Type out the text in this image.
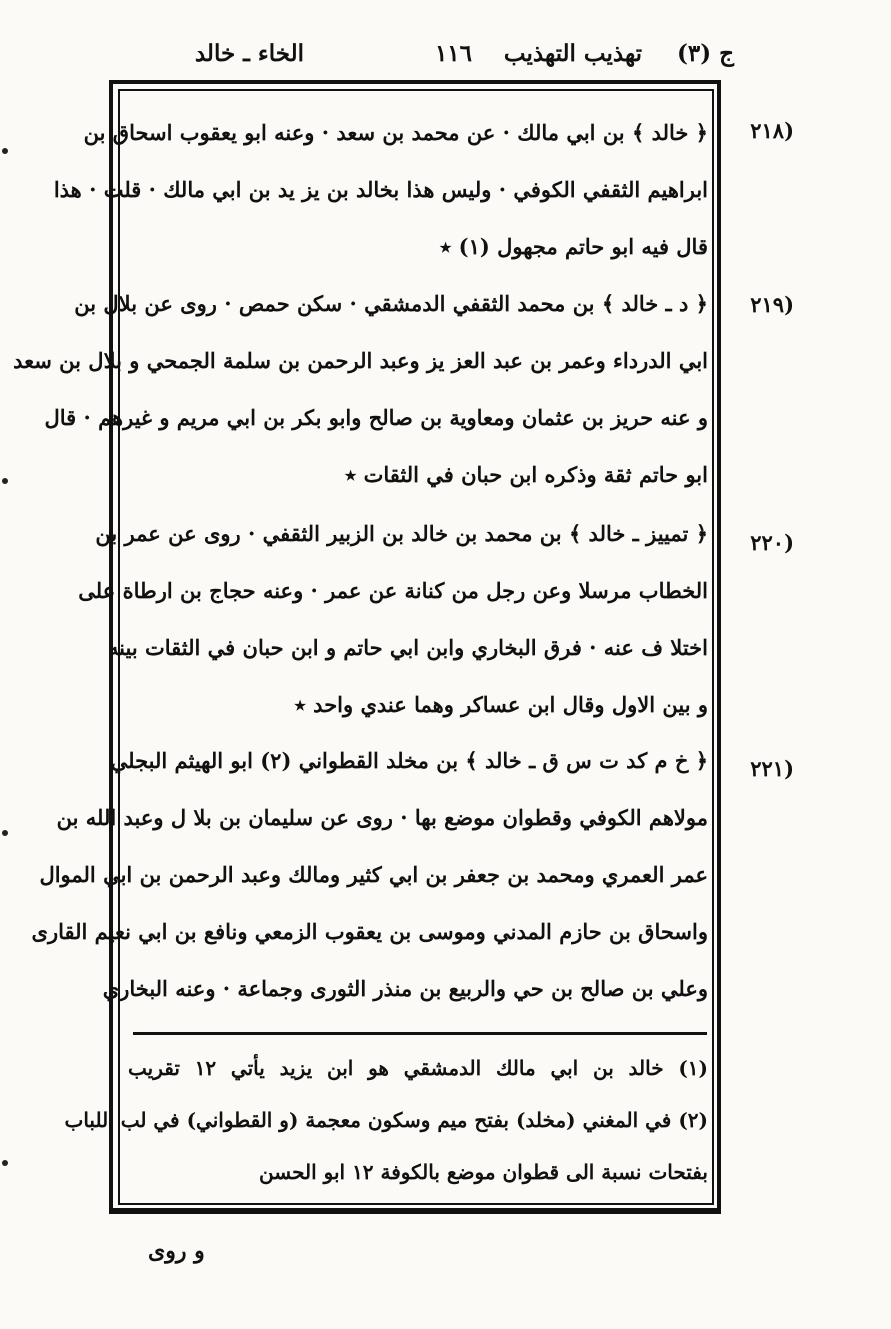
ج (٣)
تهذيب التهذيب
١١٦
الخاء ـ خالد
(٢١٨
﴿ خالد ﴾ بن ابي مالك · عن محمد بن سعد · وعنه ابو يعقوب اسحاق بن
ابراهيم الثقفي الكوفي · وليس هذا بخالد بن يز يد بن ابي مالك · قلت · هذا
قال فيه ابو حاتم مجهول (١) ٭
(٢١٩
﴿ د ـ خالد ﴾ بن محمد الثقفي الدمشقي · سكن حمص · روى عن بلال بن
ابي الدرداء وعمر بن عبد العز يز وعبد الرحمن بن سلمة الجمحي و بلال بن سعد
و عنه حريز بن عثمان ومعاوية بن صالح وابو بكر بن ابي مريم و غيرهم · قال
ابو حاتم ثقة وذكره ابن حبان في الثقات ٭
(٢٢٠
﴿ تمييز ـ خالد ﴾ بن محمد بن خالد بن الزبير الثقفي · روى عن عمر بن
الخطاب مرسلا وعن رجل من كنانة عن عمر · وعنه حجاج بن ارطاة على
اختلا ف عنه · فرق البخاري وابن ابي حاتم و ابن حبان في الثقات بينه
و بين الاول وقال ابن عساكر وهما عندي واحد ٭
(٢٢١
﴿ خ م كد ت س ق ـ خالد ﴾ بن مخلد القطواني (٢) ابو الهيثم البجلي
مولاهم الكوفي وقطوان موضع بها · روى عن سليمان بن بلا ل وعبد الله بن
عمر العمري ومحمد بن جعفر بن ابي كثير ومالك وعبد الرحمن بن ابي الموال
واسحاق بن حازم المدني وموسى بن يعقوب الزمعي ونافع بن ابي نعيم القارى
وعلي بن صالح بن حي والربيع بن منذر الثورى وجماعة · وعنه البخاري
(١) خالد بن ابي مالك الدمشقي هو ابن يزيد يأتي ١٢ تقريب
(٢) في المغني (مخلد) بفتح ميم وسكون معجمة (و القطواني) في لب اللباب
بفتحات نسبة الى قطوان موضع بالكوفة ١٢ ابو الحسن
و روى
